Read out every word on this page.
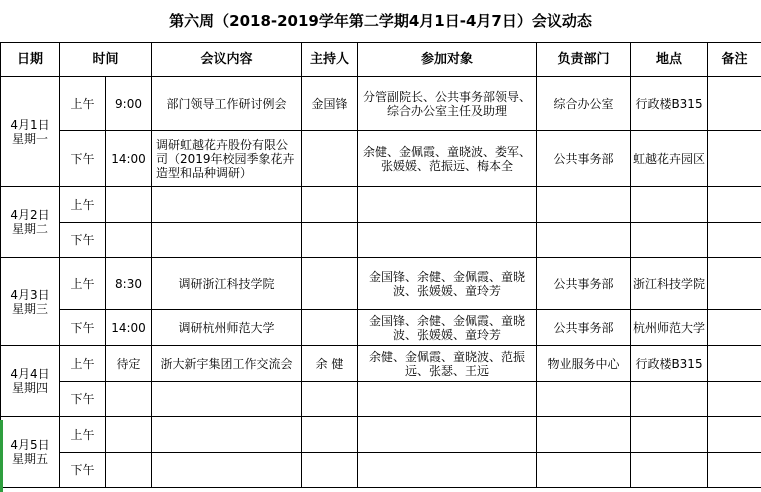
第六周（2018-2019学年第二学期4月1日-4月7日）会议动态
日期	时间		会议内容	主持人	参加对象	负责部门	地点	备注
4月1日
星期一	上午	9:00	部门领导工作研讨例会	金国锋	分管副院长、公共事务部领导、综合办公室主任及助理	综合办公室	行政楼B315	
	下午	14:00	调研虹越花卉股份有限公司（2019年校园季象花卉造型和品种调研）		余健、金佩霞、童晓波、娄军、张媛媛、范振远、梅本全	公共事务部	虹越花卉园区	
4月2日
星期二	上午							
	下午							
4月3日
星期三	上午	8:30	调研浙江科技学院		金国锋、余健、金佩霞、童晓波、张媛媛、童玲芳	公共事务部	浙江科技学院	
	下午	14:00	调研杭州师范大学		金国锋、余健、金佩霞、童晓波、张媛媛、童玲芳	公共事务部	杭州师范大学	
4月4日
星期四	上午	待定	浙大新宇集团工作交流会	余 健	余健、金佩霞、童晓波、范振远、张瑟、王远	物业服务中心	行政楼B315	
	下午							
4月5日
星期五	上午							
	下午							
